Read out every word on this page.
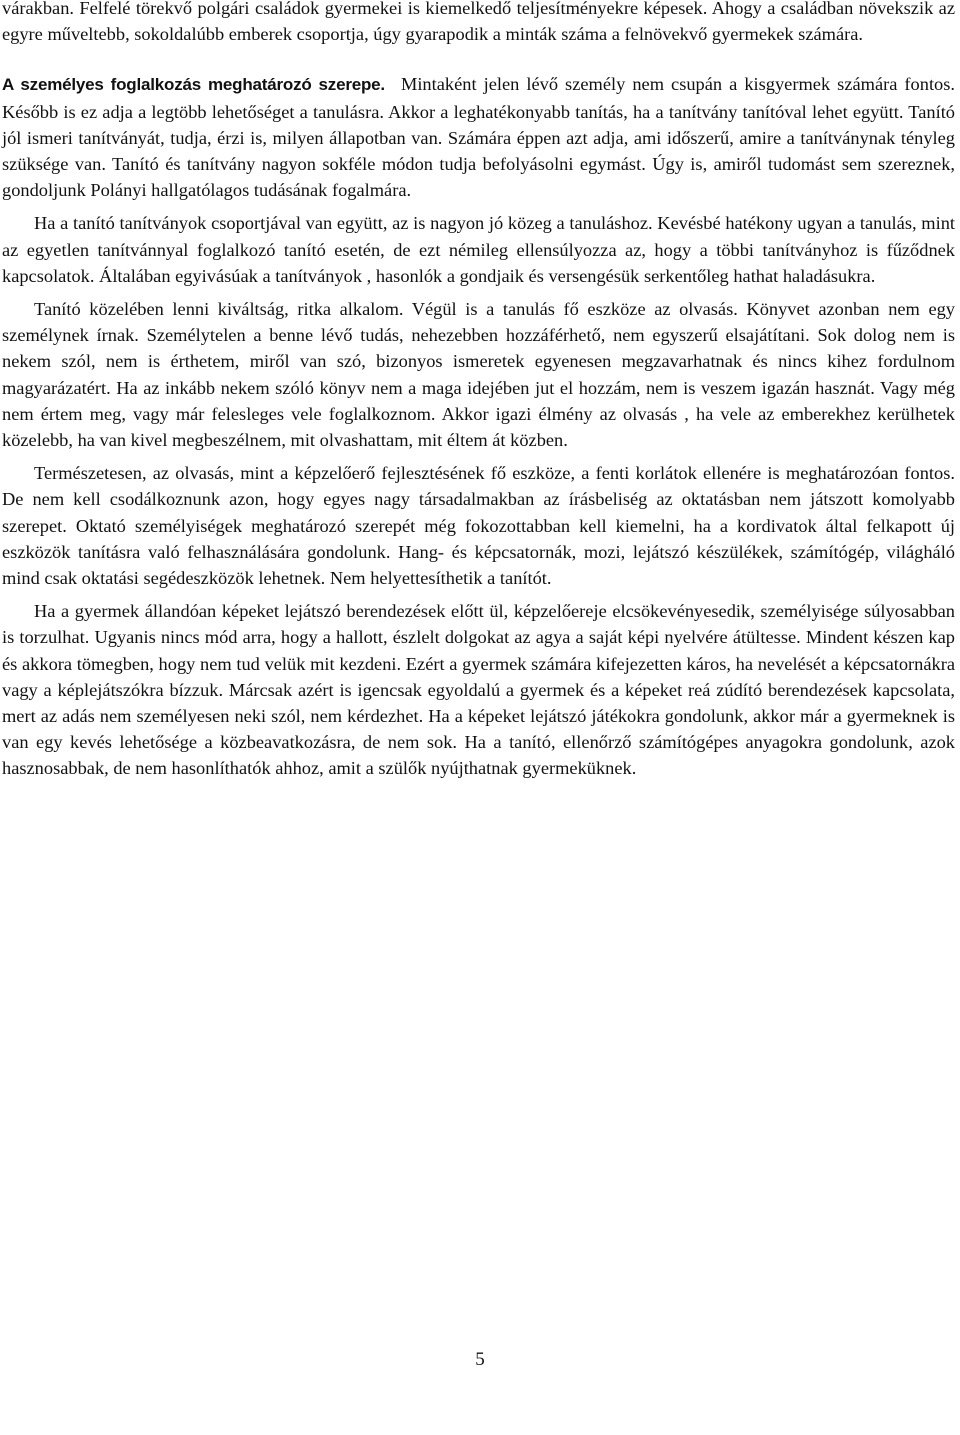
várakban. Felfelé törekvő polgári családok gyermekei is kiemelkedő teljesítményekre képesek. Ahogy a családban növekszik az egyre műveltebb, sokoldalúbb emberek csoportja, úgy gyarapodik a minták száma a felnövekvő gyermekek számára.

A személyes foglalkozás meghatározó szerepe. Mintaként jelen lévő személy nem csupán a kisgyermek számára fontos. Később is ez adja a legtöbb lehetőséget a tanulásra. Akkor a leghatékonyabb tanítás, ha a tanítvány tanítóval lehet együtt. Tanító jól ismeri tanítványát, tudja, érzi is, milyen állapotban van. Számára éppen azt adja, ami időszerű, amire a tanítványnak tényleg szüksége van. Tanító és tanítvány nagyon sokféle módon tudja befolyásolni egymást. Úgy is, amiről tudomást sem szereznek, gondoljunk Polányi hallgatólagos tudásának fogalmára.

Ha a tanító tanítványok csoportjával van együtt, az is nagyon jó közeg a tanuláshoz. Kevésbé hatékony ugyan a tanulás, mint az egyetlen tanítvánnyal foglalkozó tanító esetén, de ezt némileg ellensúlyozza az, hogy a többi tanítványhoz is fűződnek kapcsolatok. Általában egyivásúak a tanítványok , hasonlók a gondjaik és versengésük serkentőleg hathat haladásukra.

Tanító közelében lenni kiváltság, ritka alkalom. Végül is a tanulás fő eszköze az olvasás. Könyvet azonban nem egy személynek írnak. Személytelen a benne lévő tudás, nehezebben hozzáférhető, nem egyszerű elsajátítani. Sok dolog nem is nekem szól, nem is érthetem, miről van szó, bizonyos ismeretek egyenesen megzavarhatnak és nincs kihez fordulnom magyarázatért. Ha az inkább nekem szóló könyv nem a maga idejében jut el hozzám, nem is veszem igazán hasznát. Vagy még nem értem meg, vagy már felesleges vele foglalkoznom. Akkor igazi élmény az olvasás , ha vele az emberekhez kerülhetek közelebb, ha van kivel megbeszélnem, mit olvashattam, mit éltem át közben.

Természetesen, az olvasás, mint a képzelőerő fejlesztésének fő eszköze, a fenti korlátok ellenére is meghatározóan fontos. De nem kell csodálkoznunk azon, hogy egyes nagy társadalmakban az írásbeliség az oktatásban nem játszott komolyabb szerepet. Oktató személyiségek meghatározó szerepét még fokozottabban kell kiemelni, ha a kordivatok által felkapott új eszközök tanításra való felhasználására gondolunk. Hang- és képcsatornák, mozi, lejátszó készülékek, számítógép, világháló mind csak oktatási segédeszközök lehetnek. Nem helyettesíthetik a tanítót.

Ha a gyermek állandóan képeket lejátszó berendezések előtt ül, képzelőereje elcsökevényesedik, személyisége súlyosabban is torzulhat. Ugyanis nincs mód arra, hogy a hallott, észlelt dolgokat az agya a saját képi nyelvére átültesse. Mindent készen kap és akkora tömegben, hogy nem tud velük mit kezdeni. Ezért a gyermek számára kifejezetten káros, ha nevelését a képcsatornákra vagy a képlejátszókra bízzuk. Márcsak azért is igencsak egyoldalú a gyermek és a képeket reá zúdító berendezések kapcsolata, mert az adás nem személyesen neki szól, nem kérdezhet. Ha a képeket lejátszó játékokra gondolunk, akkor már a gyermeknek is van egy kevés lehetősége a közbeavatkozásra, de nem sok. Ha a tanító, ellenőrző számítógépes anyagokra gondolunk, azok hasznosabbak, de nem hasonlíthatók ahhoz, amit a szülők nyújthatnak gyermeküknek.

5
